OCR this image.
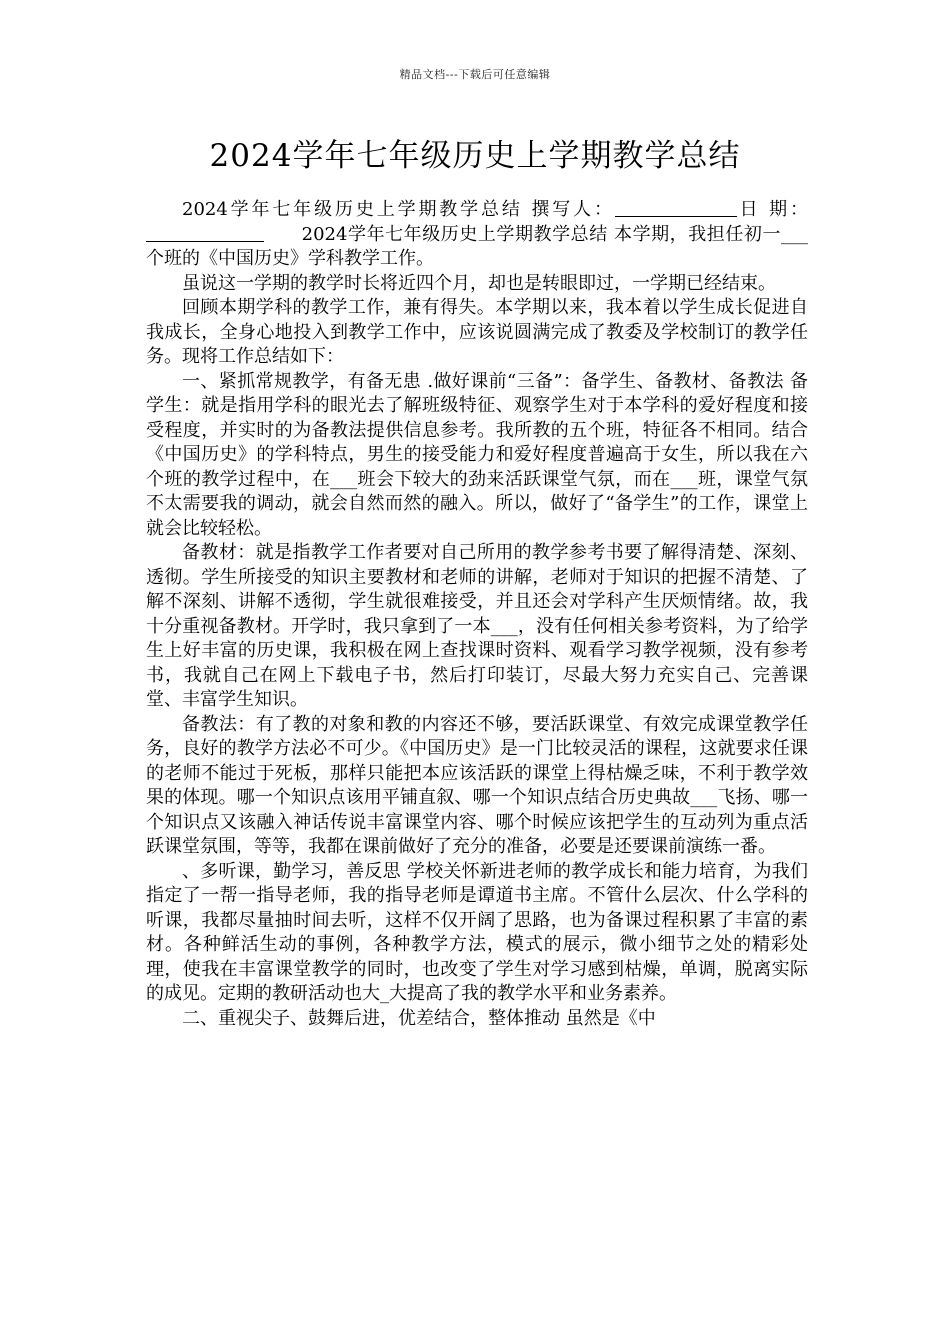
精品文档---下载后可任意编辑
2024学年七年级历史上学期教学总结

2024学年七年级历史上学期教学总结 撰写人：	日 期：      2024学年七年级历史上学期教学总结 本学期，我担任初一___个班的《中国历史》学科教学工作。

虽说这一学期的教学时长将近四个月，却也是转眼即过，一学期已经结束。

回顾本期学科的教学工作，兼有得失。本学期以来，我本着以学生成长促进自我成长，全身心地投入到教学工作中，应该说圆满完成了教委及学校制订的教学任务。现将工作总结如下：

一、紧抓常规教学，有备无患 .做好课前“三备”：备学生、备教材、备教法 备学生：就是指用学科的眼光去了解班级特征、观察学生对于本学科的爱好程度和接受程度，并实时的为备教法提供信息参考。我所教的五个班，特征各不相同。结合《中国历史》的学科特点，男生的接受能力和爱好程度普遍高于女生，所以我在六个班的教学过程中，在___班会下较大的劲来活跃课堂气氛，而在___班，课堂气氛不太需要我的调动，就会自然而然的融入。所以，做好了“备学生”的工作，课堂上就会比较轻松。

备教材：就是指教学工作者要对自己所用的教学参考书要了解得清楚、深刻、透彻。学生所接受的知识主要教材和老师的讲解，老师对于知识的把握不清楚、了解不深刻、讲解不透彻，学生就很难接受，并且还会对学科产生厌烦情绪。故，我十分重视备教材。开学时，我只拿到了一本___，没有任何相关参考资料，为了给学生上好丰富的历史课，我积极在网上查找课时资料、观看学习教学视频，没有参考书，我就自己在网上下载电子书，然后打印装订，尽最大努力充实自己、完善课堂、丰富学生知识。

备教法：有了教的对象和教的内容还不够，要活跃课堂、有效完成课堂教学任务，良好的教学方法必不可少。《中国历史》是一门比较灵活的课程，这就要求任课的老师不能过于死板，那样只能把本应该活跃的课堂上得枯燥乏味，不利于教学效果的体现。哪一个知识点该用平铺直叙、哪一个知识点结合历史典故___飞扬、哪一个知识点又该融入神话传说丰富课堂内容、哪个时候应该把学生的互动列为重点活跃课堂氛围，等等，我都在课前做好了充分的准备，必要是还要课前演练一番。

、多听课，勤学习，善反思 学校关怀新进老师的教学成长和能力培育，为我们指定了一帮一指导老师，我的指导老师是谭道书主席。不管什么层次、什么学科的听课，我都尽量抽时间去听，这样不仅开阔了思路，也为备课过程积累了丰富的素材。各种鲜活生动的事例，各种教学方法，模式的展示，微小细节之处的精彩处理，使我在丰富课堂教学的同时，也改变了学生对学习感到枯燥，单调，脱离实际的成见。定期的教研活动也大_大提高了我的教学水平和业务素养。

二、重视尖子、鼓舞后进，优差结合，整体推动 虽然是《中
